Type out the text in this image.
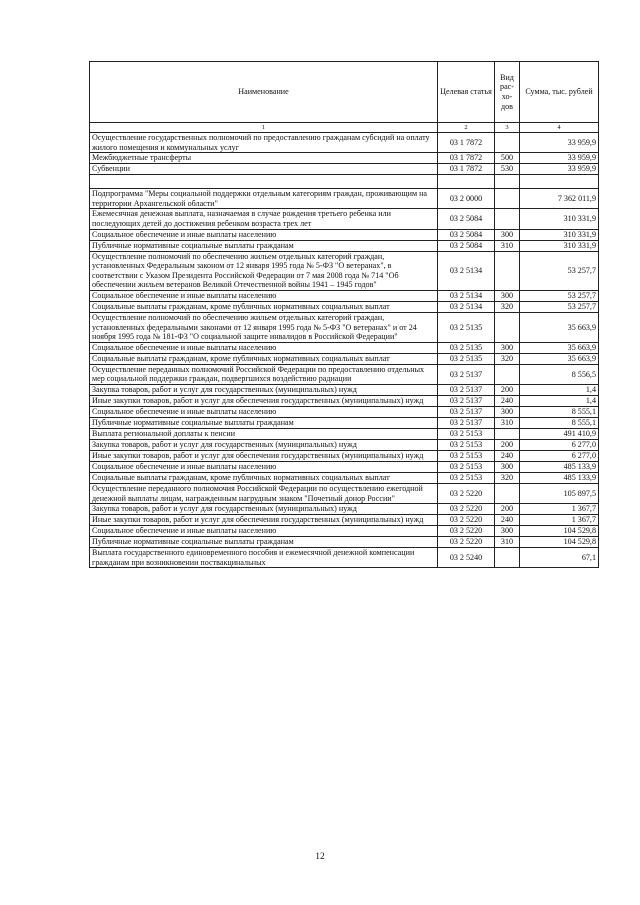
Наименование	Целевая статья	Вид рас- хо- дов	Сумма, тыс. рублей
1	2	3	4
Осуществление государственных полномочий по предоставлению гражданам субсидий на оплату жилого помещения и коммунальных услуг	03 1 7872		33 959,9
Межбюджетные трансферты	03 1 7872	500	33 959,9
Субвенции	03 1 7872	530	33 959,9

Подпрограмма "Меры социальной поддержки отдельным категориям граждан, проживающим на территории Архангельской области"	03 2 0000		7 362 011,9
Ежемесячная денежная выплата, назначаемая в случае рождения третьего ребенка или последующих детей до достижения ребенком возраста трех лет	03 2 5084		310 331,9
Социальное обеспечение и иные выплаты населению	03 2 5084	300	310 331,9
Публичные нормативные социальные выплаты гражданам	03 2 5084	310	310 331,9
Осуществление полномочий по обеспечению жильем отдельных категорий граждан, установленных Федеральным законом от 12 января 1995 года № 5-ФЗ "О ветеранах", в соответствии с Указом Президента Российской Федерации от 7 мая 2008 года № 714 "Об обеспечении жильем ветеранов Великой Отечественной войны 1941 – 1945 годов"	03 2 5134		53 257,7
Социальное обеспечение и иные выплаты населению	03 2 5134	300	53 257,7
Социальные выплаты гражданам, кроме публичных нормативных социальных выплат	03 2 5134	320	53 257,7
Осуществление полномочий по обеспечению жильем отдельных категорий граждан, установленных федеральными законами от 12 января 1995 года № 5-ФЗ "О ветеранах" и от 24 ноября 1995 года № 181-ФЗ "О социальной защите инвалидов в Российской Федерации"	03 2 5135		35 663,9
Социальное обеспечение и иные выплаты населению	03 2 5135	300	35 663,9
Социальные выплаты гражданам, кроме публичных нормативных социальных выплат	03 2 5135	320	35 663,9
Осуществление переданных полномочий Российской Федерации по предоставлению отдельных мер социальной поддержки граждан, подвергшихся воздействию радиации	03 2 5137		8 556,5
Закупка товаров, работ и услуг для государственных (муниципальных) нужд	03 2 5137	200	1,4
Иные закупки товаров, работ и услуг для обеспечения государственных (муниципальных) нужд	03 2 5137	240	1,4
Социальное обеспечение и иные выплаты населению	03 2 5137	300	8 555,1
Публичные нормативные социальные выплаты гражданам	03 2 5137	310	8 555,1
Выплата региональной доплаты к пенсии	03 2 5153		491 410,9
Закупка товаров, работ и услуг для государственных (муниципальных) нужд	03 2 5153	200	6 277,0
Иные закупки товаров, работ и услуг для обеспечения государственных (муниципальных) нужд	03 2 5153	240	6 277,0
Социальное обеспечение и иные выплаты населению	03 2 5153	300	485 133,9
Социальные выплаты гражданам, кроме публичных нормативных социальных выплат	03 2 5153	320	485 133,9
Осуществление переданного полномочия Российской Федерации по осуществлению ежегодной денежной выплаты лицам, награжденным нагрудным знаком "Почетный донор России"	03 2 5220		105 897,5
Закупка товаров, работ и услуг для государственных (муниципальных) нужд	03 2 5220	200	1 367,7
Иные закупки товаров, работ и услуг для обеспечения государственных (муниципальных) нужд	03 2 5220	240	1 367,7
Социальное обеспечение и иные выплаты населению	03 2 5220	300	104 529,8
Публичные нормативные социальные выплаты гражданам	03 2 5220	310	104 529,8
Выплата государственного единовременного пособия и ежемесячной денежной компенсации гражданам при возникновении поствакцинальных	03 2 5240		67,1
12
